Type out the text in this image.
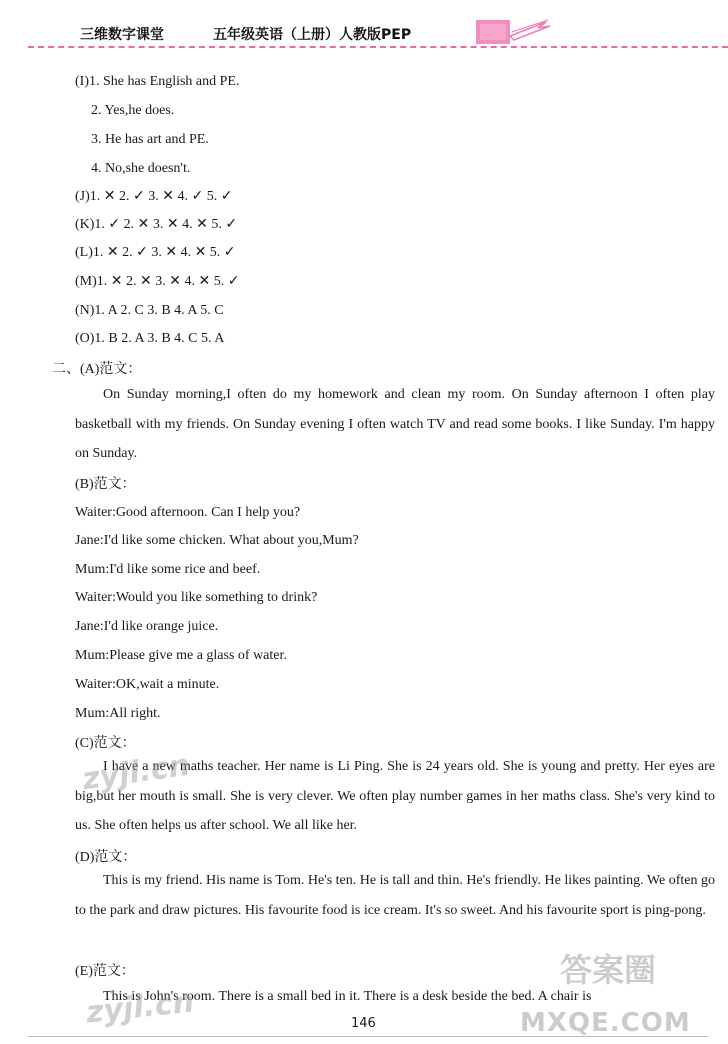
三维数字课堂	五年级英语（上册）人教版PEP
(I)1. She has English and PE.
2. Yes,he does.
3. He has art and PE.
4. No,she doesn't.
(J)1. ✕ 2. ✓ 3. ✕ 4. ✓ 5. ✓
(K)1. ✓ 2. ✕ 3. ✕ 4. ✕ 5. ✓
(L)1. ✕ 2. ✓ 3. ✕ 4. ✕ 5. ✓
(M)1. ✕ 2. ✕ 3. ✕ 4. ✕ 5. ✓
(N)1. A 2. C 3. B 4. A 5. C
(O)1. B 2. A 3. B 4. C 5. A
二、(A)范文：

On Sunday morning,I often do my homework and clean my room. On Sunday afternoon I often play basketball with my friends. On Sunday evening I often watch TV and read some books. I like Sunday. I'm happy on Sunday.

(B)范文：
Waiter:Good afternoon. Can I help you?
Jane:I'd like some chicken. What about you,Mum?
Mum:I'd like some rice and beef.
Waiter:Would you like something to drink?
Jane:I'd like orange juice.
Mum:Please give me a glass of water.
Waiter:OK,wait a minute.
Mum:All right.
(C)范文：

I have a new maths teacher. Her name is Li Ping. She is 24 years old. She is young and pretty. Her eyes are big,but her mouth is small. She is very clever. We often play number games in her maths class. She's very kind to us. She often helps us after school. We all like her.

(D)范文：

This is my friend. His name is Tom. He's ten. He is tall and thin. He's friendly. He likes painting. We often go to the park and draw pictures. His favourite food is ice cream. It's so sweet. And his favourite sport is ping-pong.

(E)范文：

This is John's room. There is a small bed in it. There is a desk beside the bed. A chair is

zyjl.cn
zyjl.cn
答案圈
MXQE.COM
146
